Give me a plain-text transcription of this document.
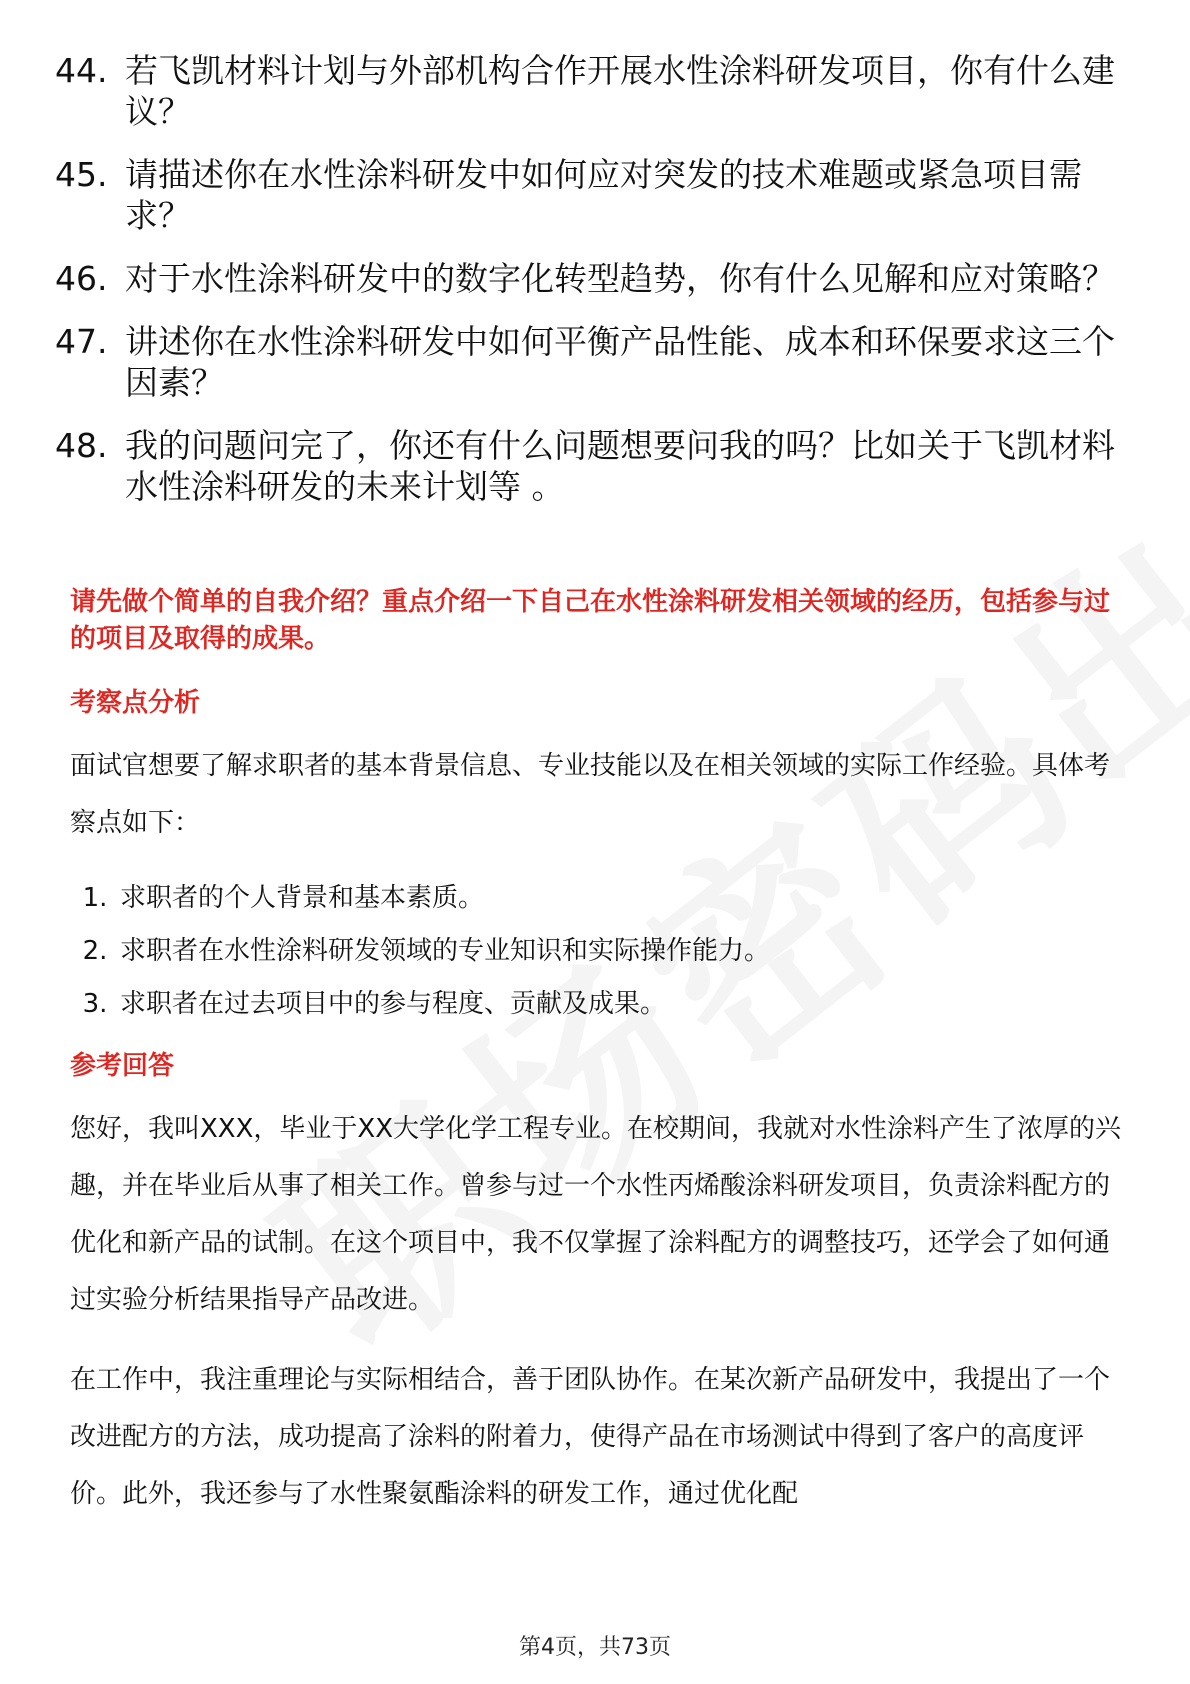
44. 若飞凯材料计划与外部机构合作开展水性涂料研发项目，你有什么建议？
45. 请描述你在水性涂料研发中如何应对突发的技术难题或紧急项目需求？
46. 对于水性涂料研发中的数字化转型趋势，你有什么见解和应对策略？
47. 讲述你在水性涂料研发中如何平衡产品性能、成本和环保要求这三个因素？
48. 我的问题问完了，你还有什么问题想要问我的吗？比如关于飞凯材料水性涂料研发的未来计划等 。

请先做个简单的自我介绍？重点介绍一下自己在水性涂料研发相关领域的经历，包括参与过的项目及取得的成果。

考察点分析

面试官想要了解求职者的基本背景信息、专业技能以及在相关领域的实际工作经验。具体考察点如下：

1. 求职者的个人背景和基本素质。
2. 求职者在水性涂料研发领域的专业知识和实际操作能力。
3. 求职者在过去项目中的参与程度、贡献及成果。
参考回答

您好，我叫XXX，毕业于XX大学化学工程专业。在校期间，我就对水性涂料产生了浓厚的兴趣，并在毕业后从事了相关工作。曾参与过一个水性丙烯酸涂料研发项目，负责涂料配方的优化和新产品的试制。在这个项目中，我不仅掌握了涂料配方的调整技巧，还学会了如何通过实验分析结果指导产品改进。

在工作中，我注重理论与实际相结合，善于团队协作。在某次新产品研发中，我提出了一个改进配方的方法，成功提高了涂料的附着力，使得产品在市场测试中得到了客户的高度评价。此外，我还参与了水性聚氨酯涂料的研发工作，通过优化配

第4页，共73页
